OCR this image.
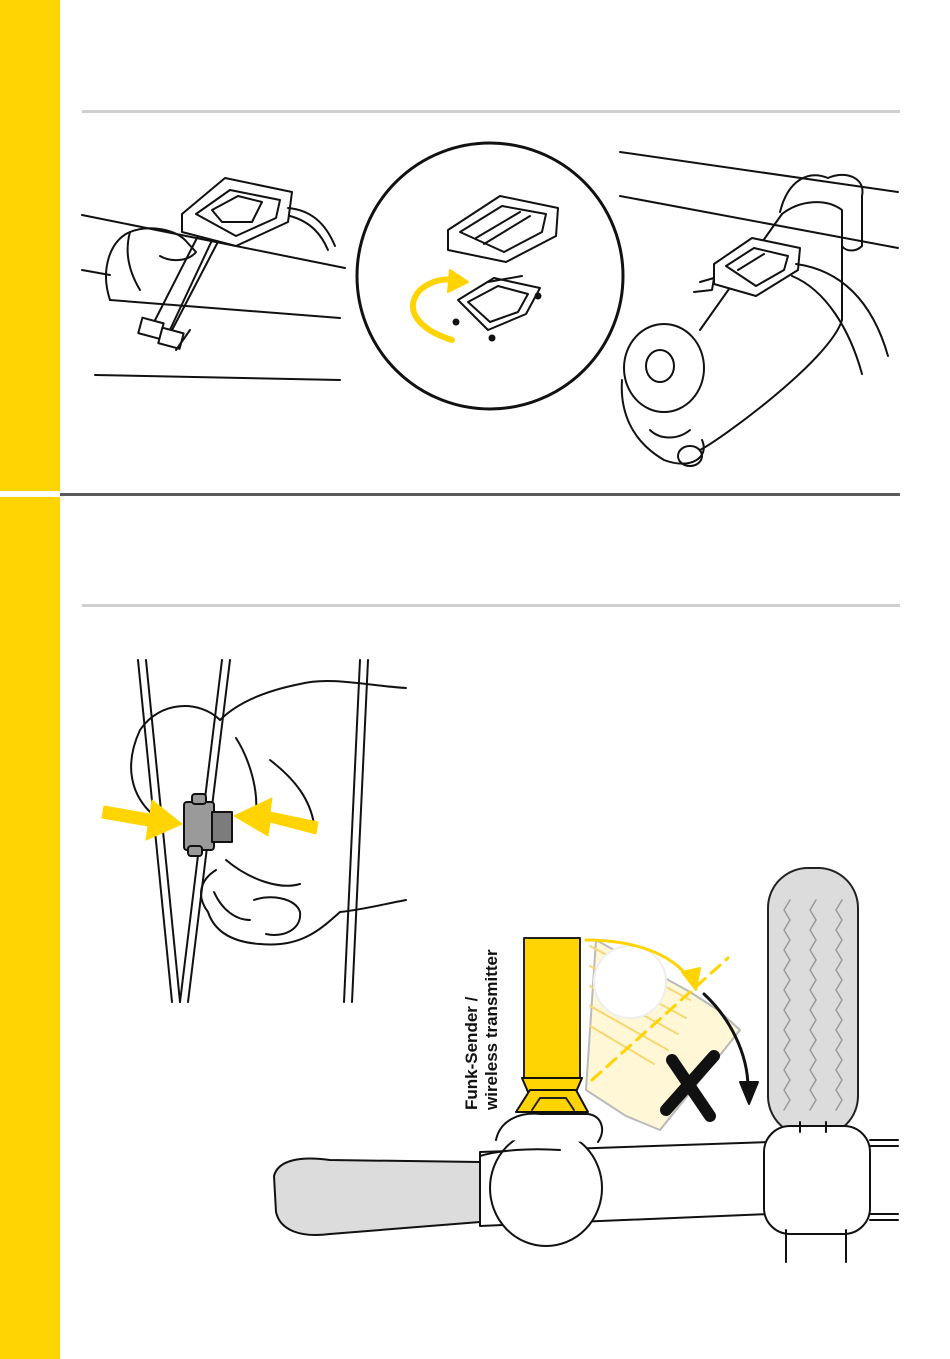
Funk-Sender / wireless transmitter
